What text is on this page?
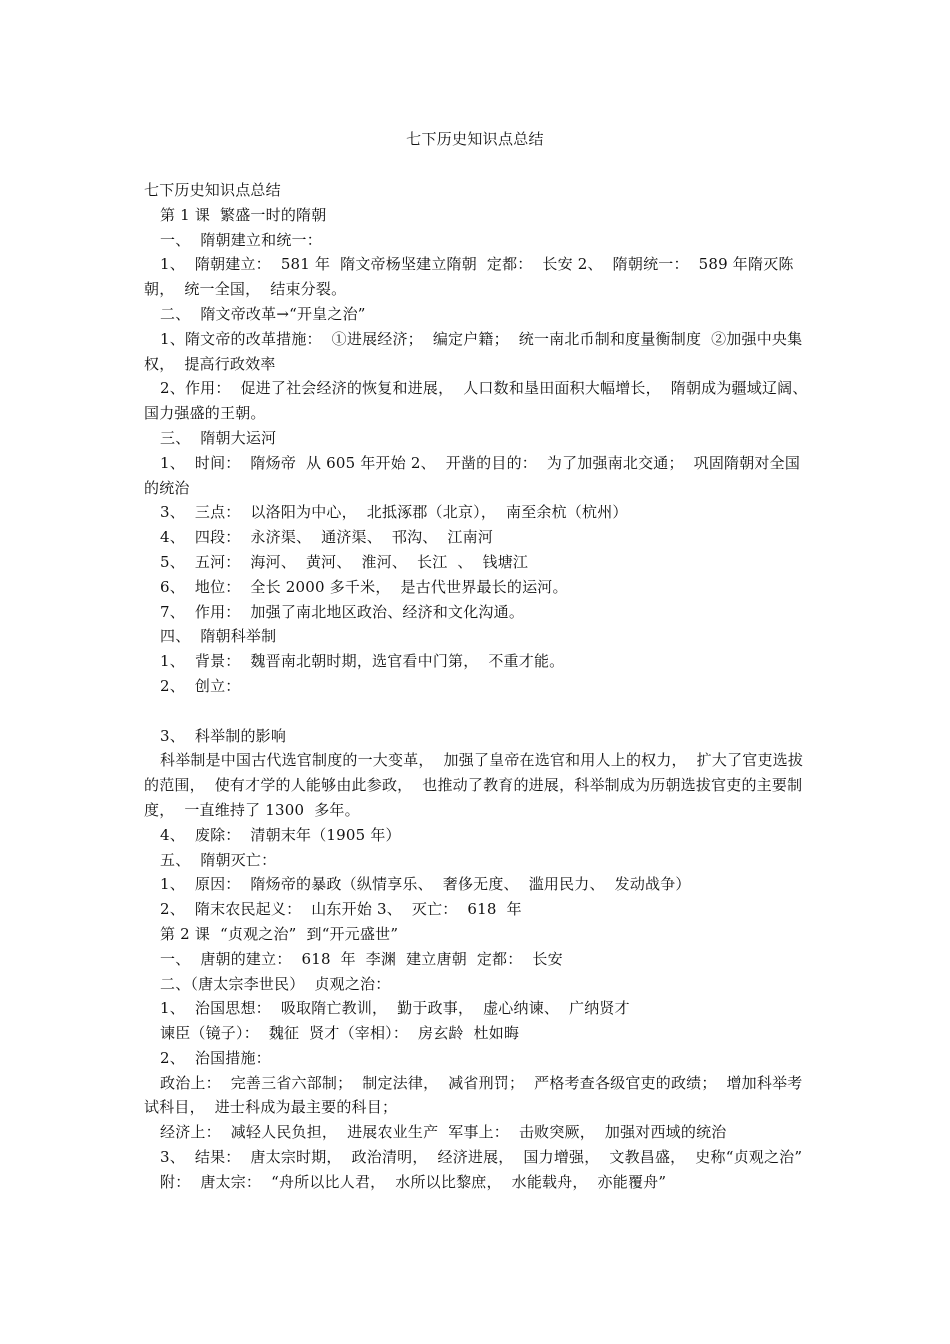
七下历史知识点总结

七下历史知识点总结

第 1 课  繁盛一时的隋朝

一、  隋朝建立和统一：

1、  隋朝建立：  581 年  隋文帝杨坚建立隋朝  定都：  长安 2、  隋朝统一：  589 年隋灭陈朝，  统一全国，  结束分裂。

二、  隋文帝改革→“开皇之治”

1、隋文帝的改革措施：  ①进展经济；  编定户籍；  统一南北币制和度量衡制度  ②加强中央集权，  提高行政效率

2、作用：  促进了社会经济的恢复和进展，  人口数和垦田面积大幅增长，  隋朝成为疆域辽阔、  国力强盛的王朝。

三、  隋朝大运河

1、  时间：  隋炀帝  从 605 年开始 2、  开凿的目的：  为了加强南北交通；  巩固隋朝对全国的统治

3、  三点：  以洛阳为中心，  北抵涿郡（北京），  南至余杭（杭州）

4、  四段：  永济渠、  通济渠、  邗沟、  江南河

5、  五河：  海河、  黄河、  淮河、  长江  、  钱塘江

6、  地位：  全长 2000 多千米，  是古代世界最长的运河。

7、  作用：  加强了南北地区政治、经济和文化沟通。

四、  隋朝科举制

1、  背景：  魏晋南北朝时期，选官看中门第，  不重才能。

2、  创立：

3、  科举制的影响

科举制是中国古代选官制度的一大变革，  加强了皇帝在选官和用人上的权力，  扩大了官吏选拔的范围，  使有才学的人能够由此参政，  也推动了教育的进展，科举制成为历朝选拔官吏的主要制度，  一直维持了 1300  多年。

4、  废除：  清朝末年（1905 年）

五、  隋朝灭亡：

1、  原因：  隋炀帝的暴政（纵情享乐、  奢侈无度、  滥用民力、  发动战争）

2、  隋末农民起义：  山东开始 3、  灭亡：  618  年

第 2 课  “贞观之治”  到“开元盛世”

一、  唐朝的建立：  618  年  李渊  建立唐朝  定都：  长安

二、（唐太宗李世民）  贞观之治：

1、  治国思想：  吸取隋亡教训，  勤于政事，  虚心纳谏、  广纳贤才

谏臣（镜子）：  魏征  贤才（宰相）：  房玄龄  杜如晦

2、  治国措施：

政治上：  完善三省六部制；  制定法律，  减省刑罚；  严格考查各级官吏的政绩；  增加科举考试科目，  进士科成为最主要的科目；

经济上：  减轻人民负担，  进展农业生产  军事上：  击败突厥，  加强对西域的统治

3、  结果：  唐太宗时期，  政治清明，  经济进展，  国力增强，  文教昌盛，  史称“贞观之治”

附：  唐太宗：  “舟所以比人君，  水所以比黎庶，  水能载舟，  亦能覆舟”
